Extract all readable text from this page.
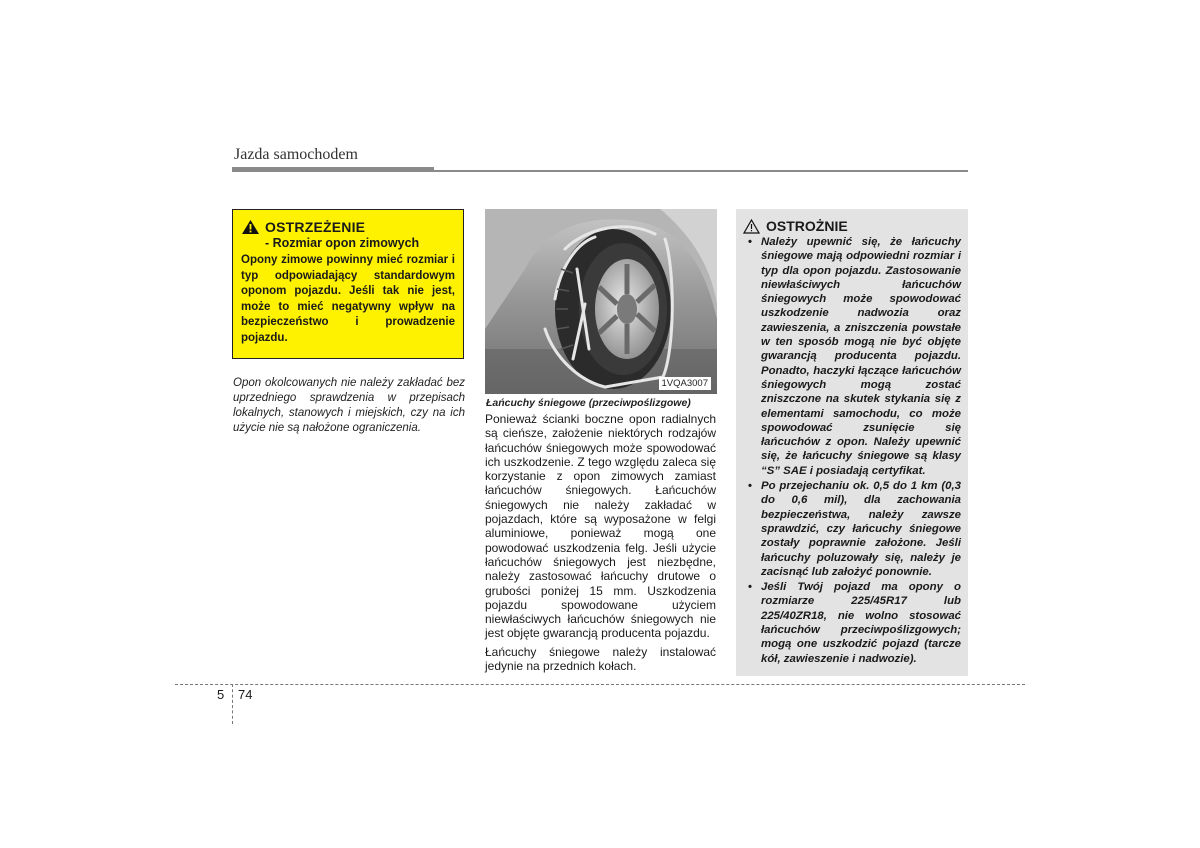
Jazda samochodem
OSTRZEŻENIE
- Rozmiar opon zimowych
Opony zimowe powinny mieć rozmiar i typ odpowiadający standardowym oponom pojazdu. Jeśli tak nie jest, może to mieć negatywny wpływ na bezpieczeństwo i prowadzenie pojazdu.
Opon okolcowanych nie należy zakładać bez uprzedniego sprawdzenia w przepisach lokalnych, stanowych i miejskich, czy na ich użycie nie są nałożone ograniczenia.
1VQA3007
Łańcuchy śniegowe (przeciwpoślizgowe)

Ponieważ ścianki boczne opon radialnych są cieńsze, założenie niektórych rodzajów łańcuchów śniegowych może spowodować ich uszkodzenie. Z tego względu zaleca się korzystanie z opon zimowych zamiast łańcuchów śniegowych. Łańcuchów śniegowych nie należy zakładać w pojazdach, które są wyposażone w felgi aluminiowe, ponieważ mogą one powodować uszkodzenia felg. Jeśli użycie łańcuchów śniegowych jest niezbędne, należy zastosować łańcuchy drutowe o grubości poniżej 15 mm. Uszkodzenia pojazdu spowodowane użyciem niewłaściwych łańcuchów śniegowych nie jest objęte gwarancją producenta pojazdu.

Łańcuchy śniegowe należy instalować jedynie na przednich kołach.

OSTROŻNIE
• Należy upewnić się, że łańcuchy śniegowe mają odpowiedni rozmiar i typ dla opon pojazdu. Zastosowanie niewłaściwych łańcuchów śniegowych może spowodować uszkodzenie nadwozia oraz zawieszenia, a zniszczenia powstałe w ten sposób mogą nie być objęte gwarancją producenta pojazdu. Ponadto, haczyki łączące łańcuchów śniegowych mogą zostać zniszczone na skutek stykania się z elementami samochodu, co może spowodować zsunięcie się łańcuchów z opon. Należy upewnić się, że łańcuchy śniegowe są klasy “S” SAE i posiadają certyfikat.
• Po przejechaniu ok. 0,5 do 1 km (0,3 do 0,6 mil), dla zachowania bezpieczeństwa, należy zawsze sprawdzić, czy łańcuchy śniegowe zostały poprawnie założone. Jeśli łańcuchy poluzowały się, należy je zacisnąć lub założyć ponownie.
• Jeśli Twój pojazd ma opony o rozmiarze 225/45R17 lub 225/40ZR18, nie wolno stosować łańcuchów przeciwpoślizgowych; mogą one uszkodzić pojazd (tarcze kół, zawieszenie i nadwozie).
5 74
